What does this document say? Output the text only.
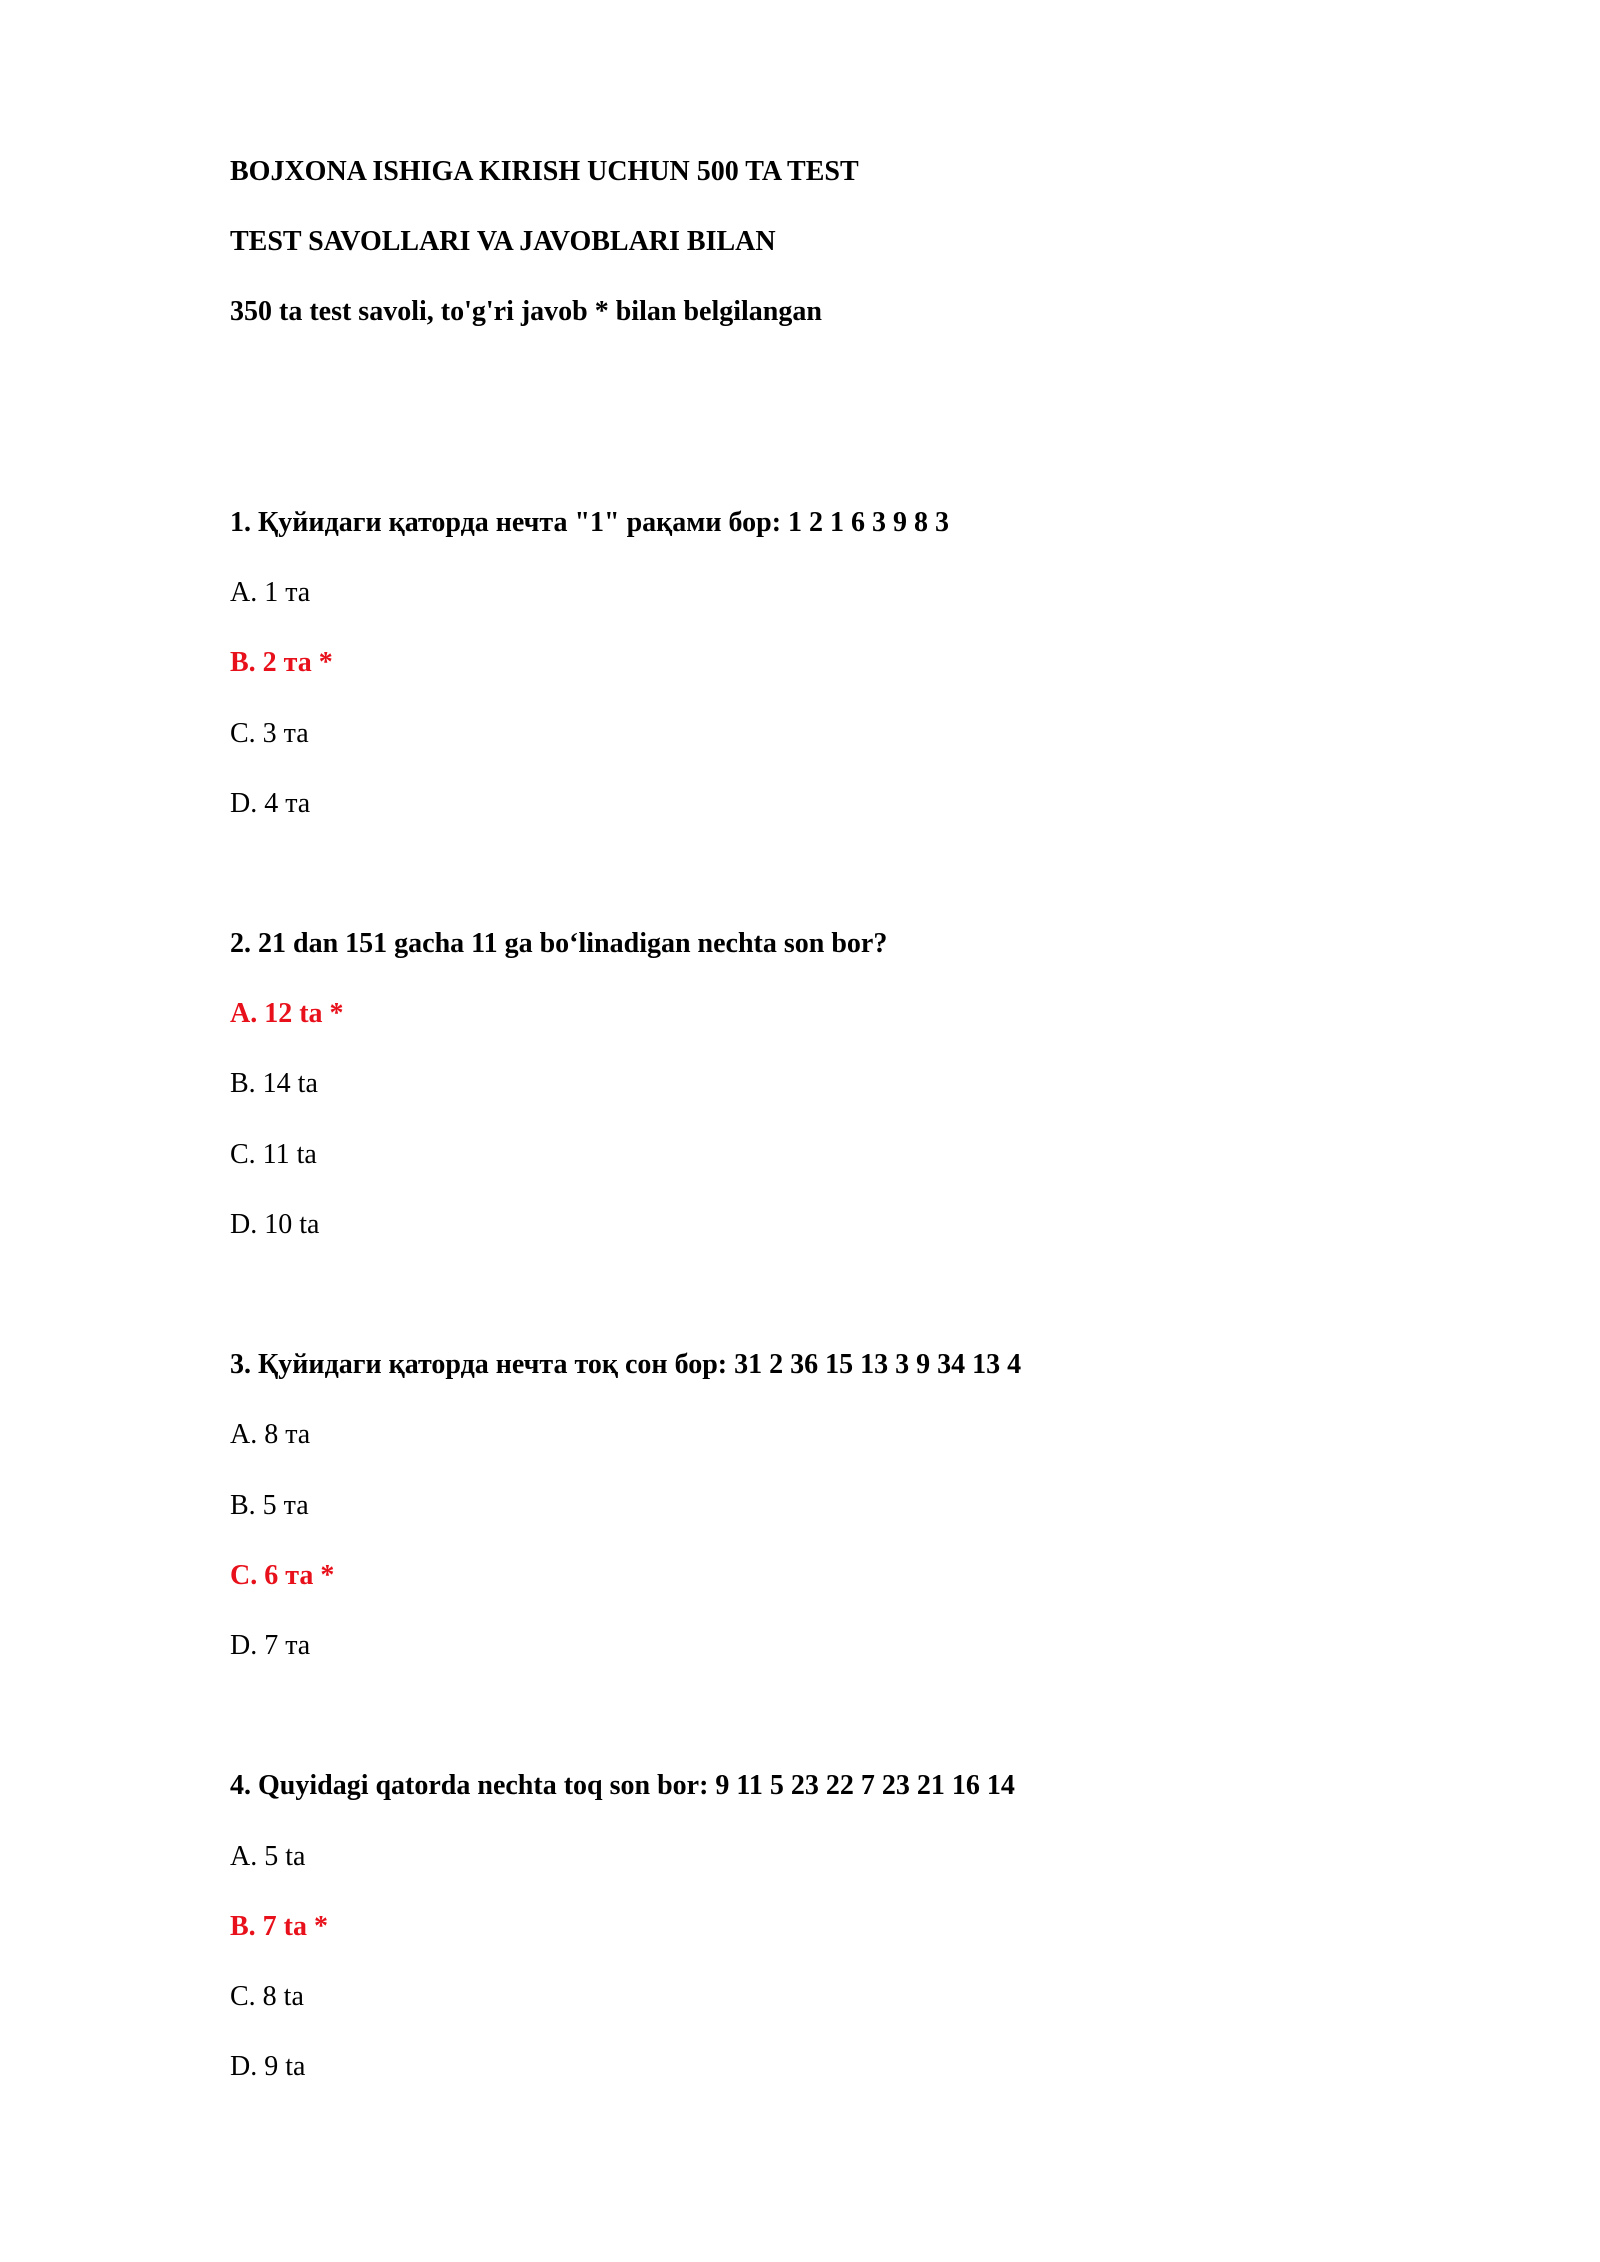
BOJXONA ISHIGA KIRISH UCHUN 500 TA TEST
TEST SAVOLLARI VA JAVOBLARI BILAN
350 ta test savoli, to'g'ri javob * bilan belgilangan
1. Қуйидаги қаторда нечта "1" рақами бор: 1 2 1 6 3 9 8 3
A. 1 та
B. 2 та *
C. 3 та
D. 4 та
2. 21 dan 151 gacha 11 ga bo‘linadigan nechta son bor?
A. 12 ta *
B. 14 ta
C. 11 ta
D. 10 ta
3. Қуйидаги қаторда нечта тоқ сон бор: 31 2 36 15 13 3 9 34 13 4
A. 8 та
B. 5 та
C. 6 та *
D. 7 та
4. Quyidagi qatorda nechta toq son bor: 9 11 5 23 22 7 23 21 16 14
A. 5 ta
B. 7 ta *
C. 8 ta
D. 9 ta
